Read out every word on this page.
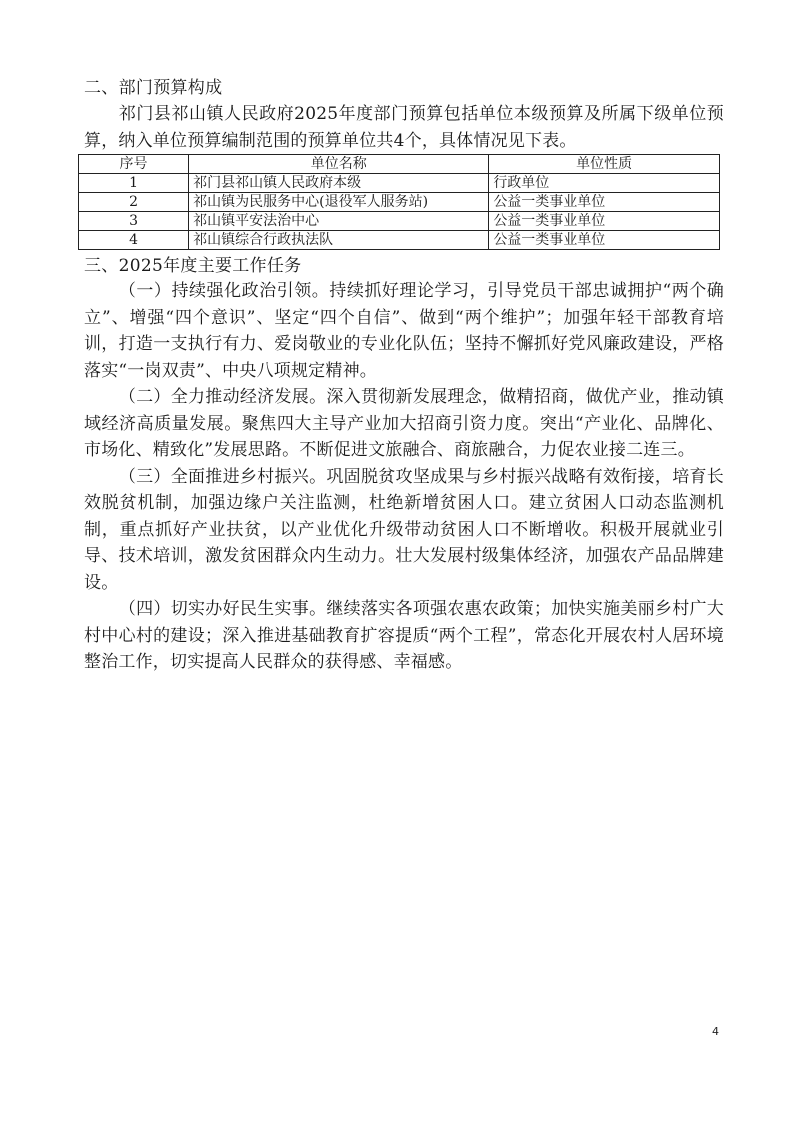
二、部门预算构成

祁门县祁山镇人民政府2025年度部门预算包括单位本级预算及所属下级单位预算，纳入单位预算编制范围的预算单位共4个，具体情况见下表。

序号	单位名称	单位性质
1	祁门县祁山镇人民政府本级	行政单位
2	祁山镇为民服务中心(退役军人服务站)	公益一类事业单位
3	祁山镇平安法治中心	公益一类事业单位
4	祁山镇综合行政执法队	公益一类事业单位

三、2025年度主要工作任务

（一）持续强化政治引领。持续抓好理论学习，引导党员干部忠诚拥护“两个确立”、增强“四个意识”、坚定“四个自信”、做到“两个维护”；加强年轻干部教育培训，打造一支执行有力、爱岗敬业的专业化队伍；坚持不懈抓好党风廉政建设，严格落实“一岗双责”、中央八项规定精神。

（二）全力推动经济发展。深入贯彻新发展理念，做精招商，做优产业，推动镇域经济高质量发展。聚焦四大主导产业加大招商引资力度。突出“产业化、品牌化、市场化、精致化”发展思路。不断促进文旅融合、商旅融合，力促农业接二连三。

（三）全面推进乡村振兴。巩固脱贫攻坚成果与乡村振兴战略有效衔接，培育长效脱贫机制，加强边缘户关注监测，杜绝新增贫困人口。建立贫困人口动态监测机制，重点抓好产业扶贫，以产业优化升级带动贫困人口不断增收。积极开展就业引导、技术培训，激发贫困群众内生动力。壮大发展村级集体经济，加强农产品品牌建设。

（四）切实办好民生实事。继续落实各项强农惠农政策；加快实施美丽乡村广大村中心村的建设；深入推进基础教育扩容提质“两个工程”，常态化开展农村人居环境整治工作，切实提高人民群众的获得感、幸福感。

4
